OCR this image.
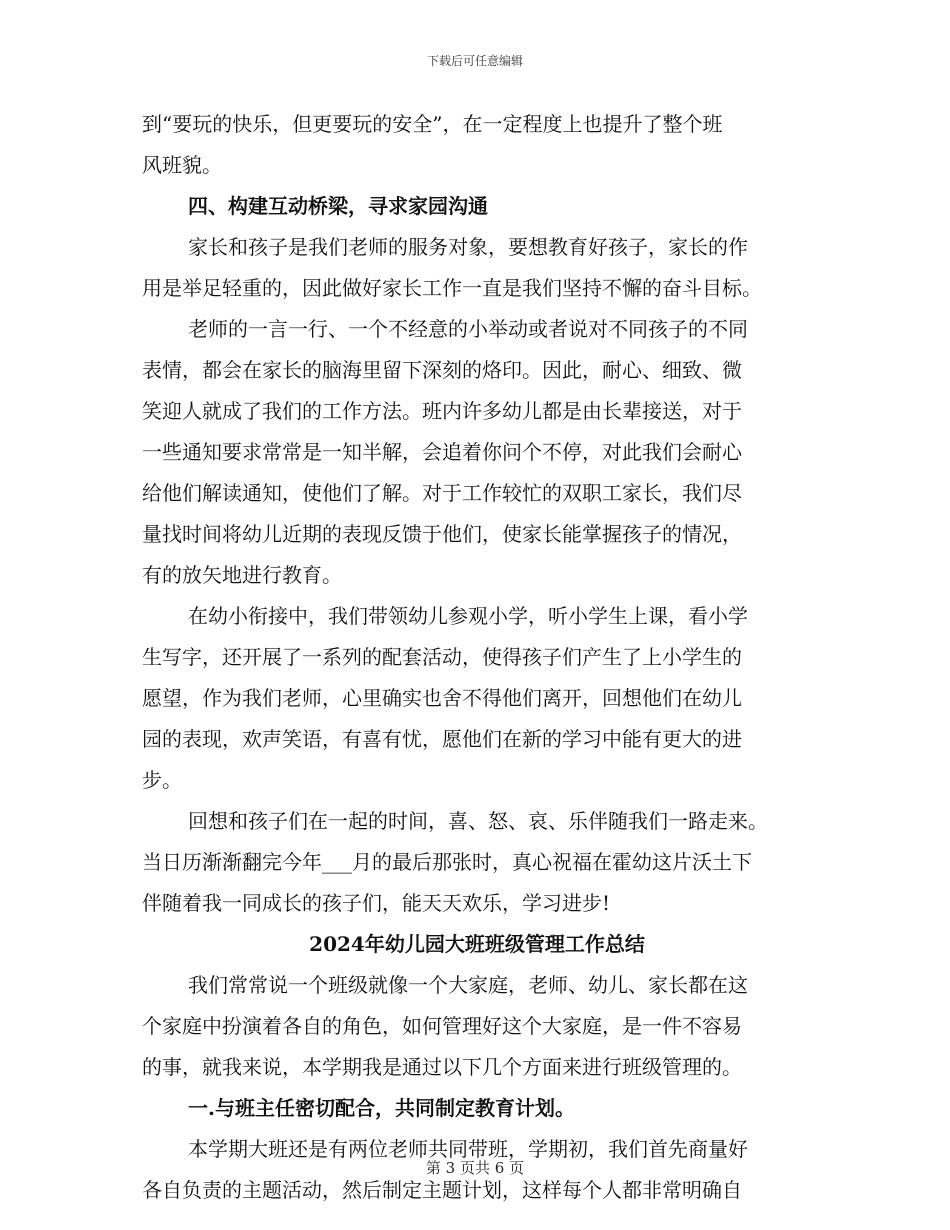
下载后可任意编辑
到“要玩的快乐，但更要玩的安全”，在一定程度上也提升了整个班
风班貌。
四、构建互动桥梁，寻求家园沟通
家长和孩子是我们老师的服务对象，要想教育好孩子，家长的作
用是举足轻重的，因此做好家长工作一直是我们坚持不懈的奋斗目标。
老师的一言一行、一个不经意的小举动或者说对不同孩子的不同
表情，都会在家长的脑海里留下深刻的烙印。因此，耐心、细致、微
笑迎人就成了我们的工作方法。班内许多幼儿都是由长辈接送，对于
一些通知要求常常是一知半解，会追着你问个不停，对此我们会耐心
给他们解读通知，使他们了解。对于工作较忙的双职工家长，我们尽
量找时间将幼儿近期的表现反馈于他们，使家长能掌握孩子的情况，
有的放矢地进行教育。
在幼小衔接中，我们带领幼儿参观小学，听小学生上课，看小学
生写字，还开展了一系列的配套活动，使得孩子们产生了上小学生的
愿望，作为我们老师，心里确实也舍不得他们离开，回想他们在幼儿
园的表现，欢声笑语，有喜有忧，愿他们在新的学习中能有更大的进
步。
回想和孩子们在一起的时间，喜、怒、哀、乐伴随我们一路走来。
当日历渐渐翻完今年___月的最后那张时，真心祝福在霍幼这片沃土下
伴随着我一同成长的孩子们，能天天欢乐，学习进步!
2024年幼儿园大班班级管理工作总结
我们常常说一个班级就像一个大家庭，老师、幼儿、家长都在这
个家庭中扮演着各自的角色，如何管理好这个大家庭，是一件不容易
的事，就我来说，本学期我是通过以下几个方面来进行班级管理的。
一.与班主任密切配合，共同制定教育计划。
本学期大班还是有两位老师共同带班，学期初，我们首先商量好
各自负责的主题活动，然后制定主题计划，这样每个人都非常明确自
第 3 页共 6 页
